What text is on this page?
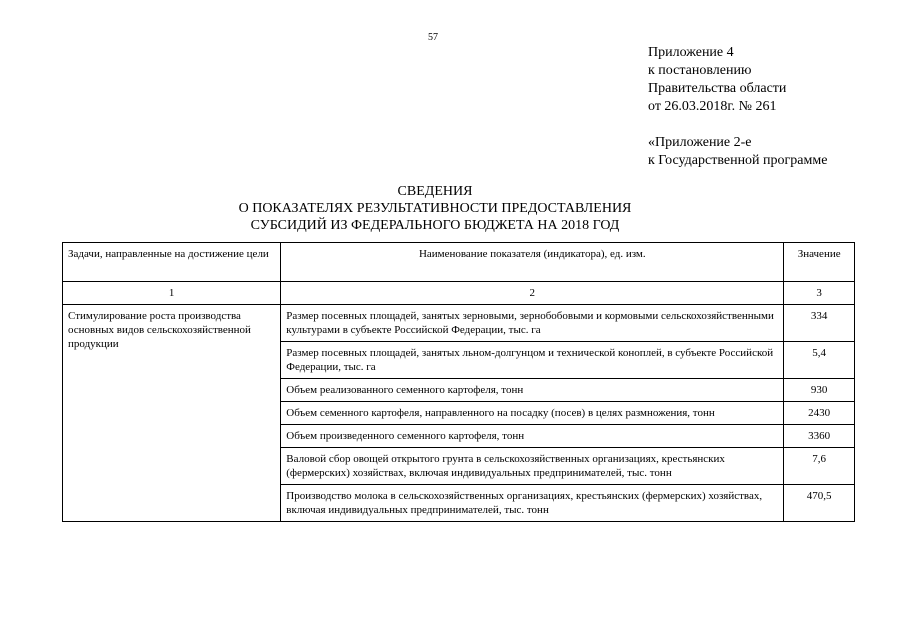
57
Приложение 4
к постановлению
Правительства области
от 26.03.2018г. № 261
«Приложение 2-е
к Государственной программе
СВЕДЕНИЯ
О ПОКАЗАТЕЛЯХ РЕЗУЛЬТАТИВНОСТИ ПРЕДОСТАВЛЕНИЯ
СУБСИДИЙ ИЗ ФЕДЕРАЛЬНОГО БЮДЖЕТА НА 2018 ГОД
Задачи, направленные на достижение цели	Наименование показателя (индикатора), ед. изм.	Значение
1	2	3
Стимулирование роста производства основных видов сельскохозяйственной продукции	Размер посевных площадей, занятых зерновыми, зернобобовыми и кормовыми сельскохозяйственными культурами в субъекте Российской Федерации, тыс. га	334
	Размер посевных площадей, занятых льном-долгунцом и технической коноплей, в субъекте Российской Федерации, тыс. га	5,4
	Объем реализованного семенного картофеля, тонн	930
	Объем семенного картофеля, направленного на посадку (посев) в целях размножения, тонн	2430
	Объем произведенного семенного картофеля, тонн	3360
	Валовой сбор овощей открытого грунта в сельскохозяйственных организациях, крестьянских (фермерских) хозяйствах, включая индивидуальных предпринимателей, тыс. тонн	7,6
	Производство молока в сельскохозяйственных организациях, крестьянских (фермерских) хозяйствах, включая индивидуальных предпринимателей, тыс. тонн	470,5
